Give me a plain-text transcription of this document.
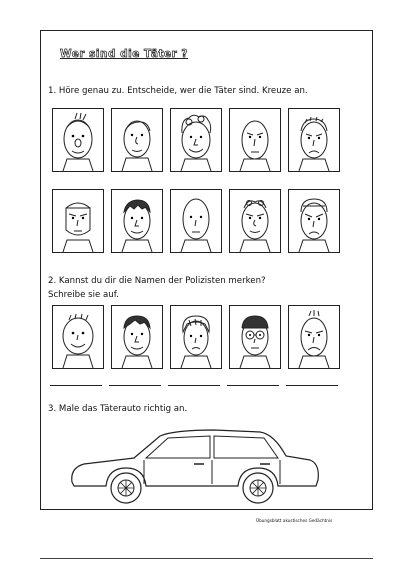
Wer sind die Täter ?
1. Höre genau zu. Entscheide, wer die Täter sind. Kreuze an.
2. Kannst du dir die Namen der Polizisten merken?
Schreibe sie auf.
3. Male das Täterauto richtig an.
Übungsblatt akustisches Gedächtnis
